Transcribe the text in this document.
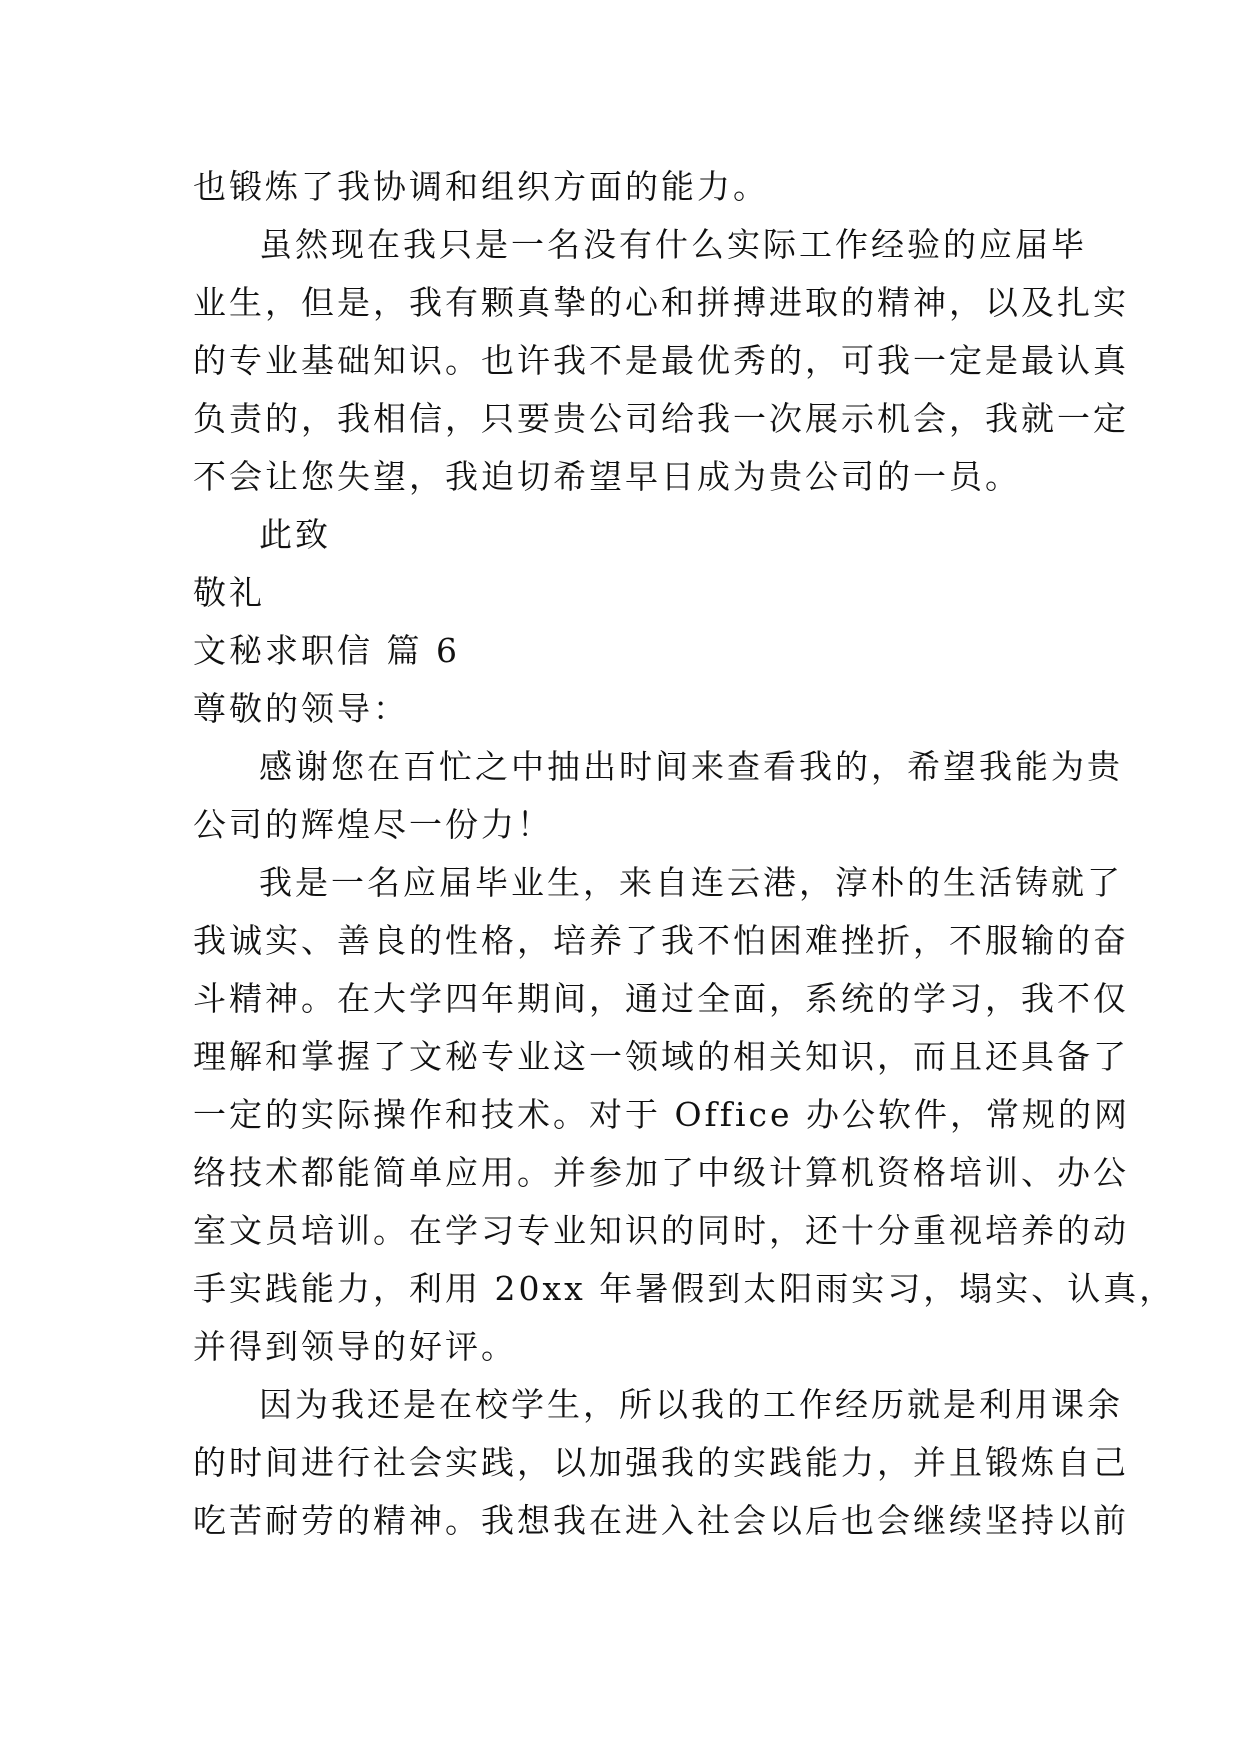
也锻炼了我协调和组织方面的能力。
虽然现在我只是一名没有什么实际工作经验的应届毕
业生，但是，我有颗真挚的心和拼搏进取的精神，以及扎实
的专业基础知识。也许我不是最优秀的，可我一定是最认真
负责的，我相信，只要贵公司给我一次展示机会，我就一定
不会让您失望，我迫切希望早日成为贵公司的一员。
此致
敬礼
文秘求职信 篇 6
尊敬的领导：
感谢您在百忙之中抽出时间来查看我的，希望我能为贵
公司的辉煌尽一份力！
我是一名应届毕业生，来自连云港，淳朴的生活铸就了
我诚实、善良的性格，培养了我不怕困难挫折，不服输的奋
斗精神。在大学四年期间，通过全面，系统的学习，我不仅
理解和掌握了文秘专业这一领域的相关知识，而且还具备了
一定的实际操作和技术。对于 Office 办公软件，常规的网
络技术都能简单应用。并参加了中级计算机资格培训、办公
室文员培训。在学习专业知识的同时，还十分重视培养的动
手实践能力，利用 20xx 年暑假到太阳雨实习，塌实、认真，
并得到领导的好评。
因为我还是在校学生，所以我的工作经历就是利用课余
的时间进行社会实践，以加强我的实践能力，并且锻炼自己
吃苦耐劳的精神。我想我在进入社会以后也会继续坚持以前
